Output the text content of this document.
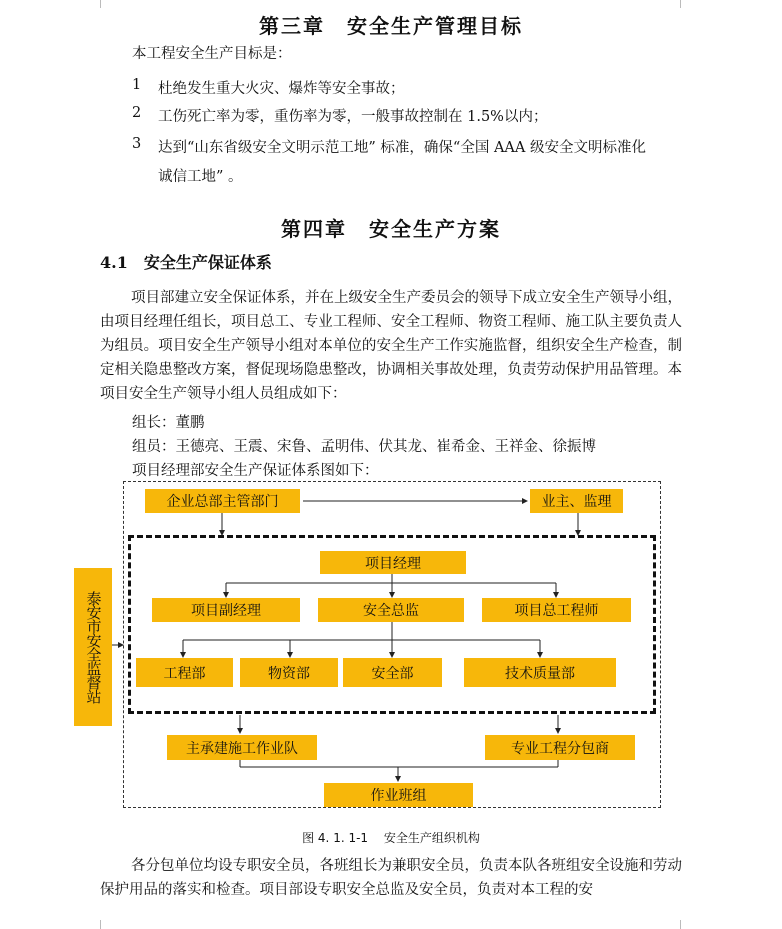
第三章　安全生产管理目标
本工程安全生产目标是：
1 杜绝发生重大火灾、爆炸等安全事故；
2 工伤死亡率为零，重伤率为零，一般事故控制在 1.5%以内；
3 达到“山东省级安全文明示范工地” 标准，确保“全国 AAA 级安全文明标准化
诚信工地” 。
第四章　安全生产方案
4.1　安全生产保证体系
项目部建立安全保证体系，并在上级安全生产委员会的领导下成立安全生产领导小组，由项目经理任组长，项目总工、专业工程师、安全工程师、物资工程师、施工队主要负责人为组员。项目安全生产领导小组对本单位的安全生产工作实施监督，组织安全生产检查，制定相关隐患整改方案，督促现场隐患整改，协调相关事故处理，负责劳动保护用品管理。本项目安全生产领导小组人员组成如下：
组长：董鹏
组员：王德亮、王震、宋鲁、孟明伟、伏其龙、崔希金、王祥金、徐振博
项目经理部安全生产保证体系图如下：
企业总部主管部门	业主、监理
泰安市安全监督站
项目经理
项目副经理	安全总监	项目总工程师
工程部	物资部	安全部	技术质量部
主承建施工作业队	专业工程分包商
作业班组
图 4. 1. 1-1　 安全生产组织机构
各分包单位均设专职安全员，各班组长为兼职安全员，负责本队各班组安全设施和劳动保护用品的落实和检查。项目部设专职安全总监及安全员，负责对本工程的安
